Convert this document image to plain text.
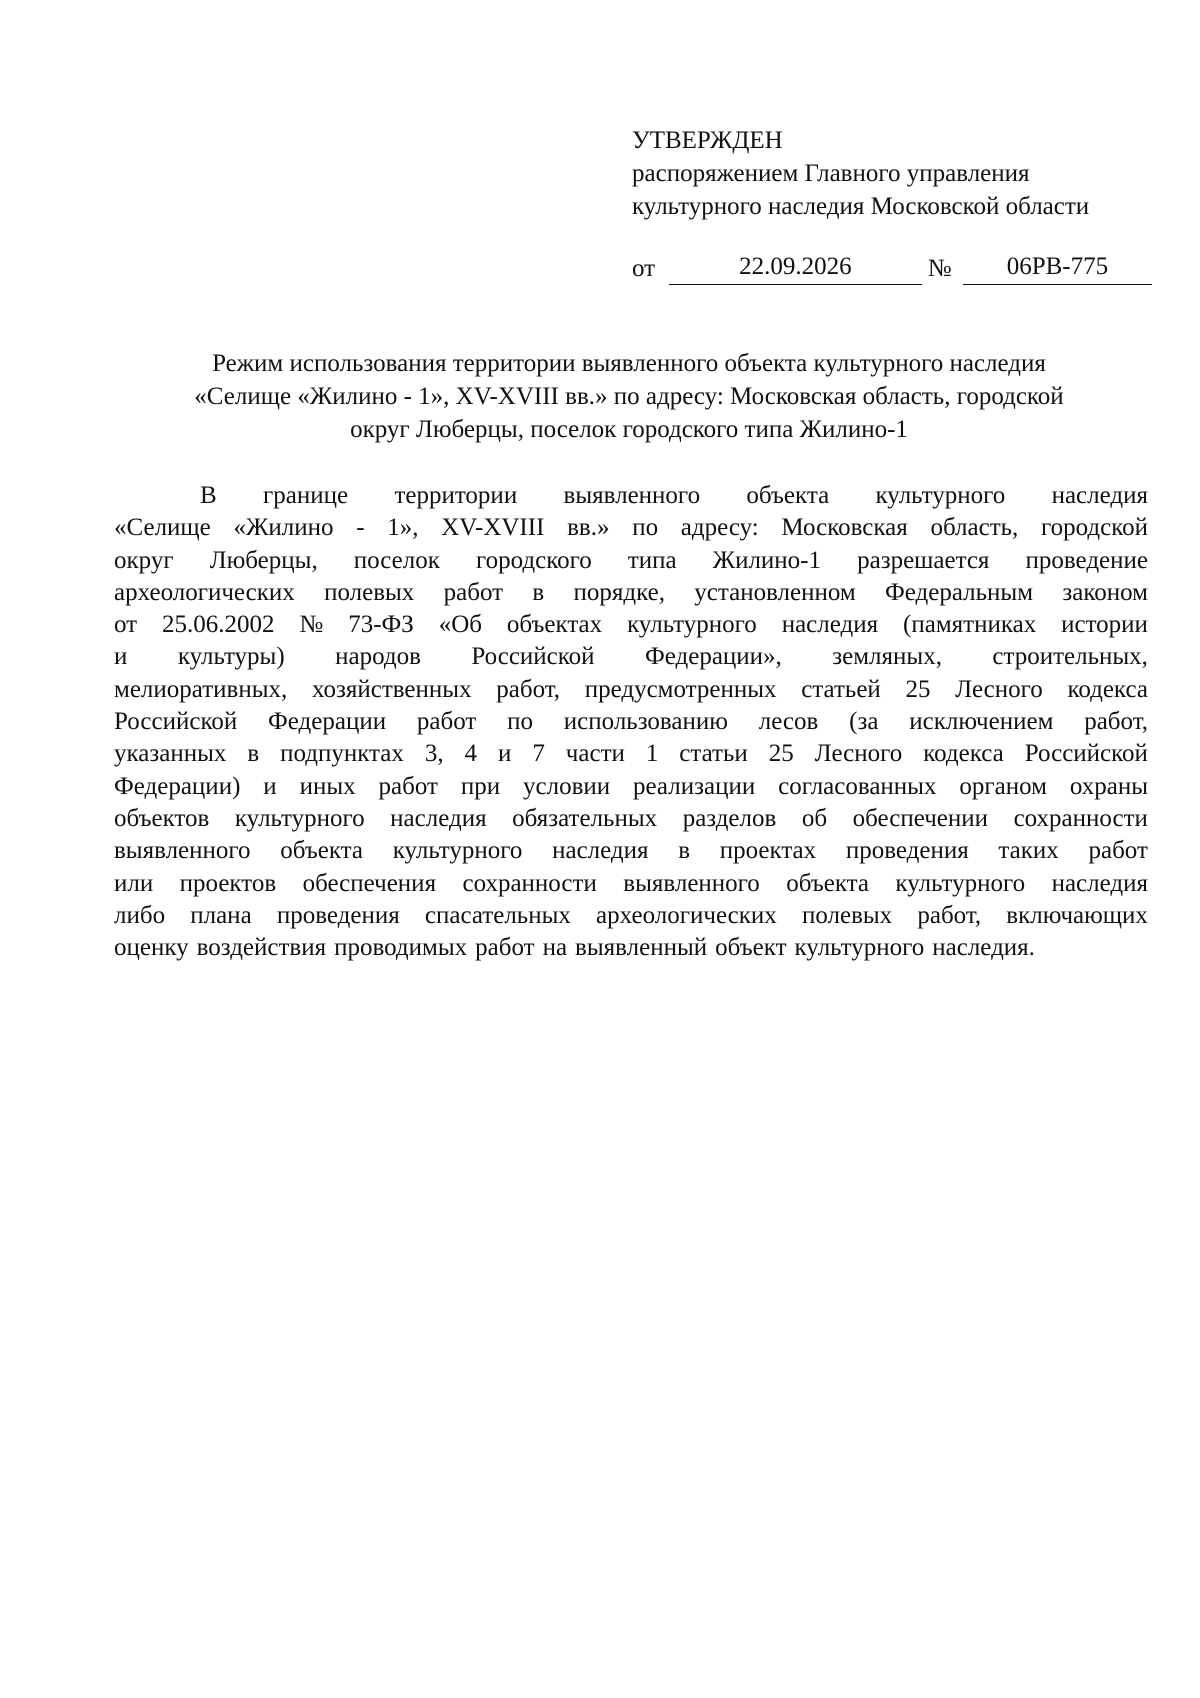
УТВЕРЖДЕН
распоряжением Главного управления
культурного наследия Московской области
от	22.09.2026	№	06РВ-775
Режим использования территории выявленного объекта культурного наследия
«Селище «Жилино - 1», XV-XVIII вв.» по адресу: Московская область, городской
округ Люберцы, поселок городского типа Жилино-1
В границе территории выявленного объекта культурного наследия
«Селище «Жилино - 1», XV-XVIII вв.» по адресу: Московская область, городской
округ Люберцы, поселок городского типа Жилино-1 разрешается проведение
археологических полевых работ в порядке, установленном Федеральным законом
от 25.06.2002 № 73-ФЗ «Об объектах культурного наследия (памятниках истории
и культуры) народов Российской Федерации», земляных, строительных,
мелиоративных, хозяйственных работ, предусмотренных статьей 25 Лесного кодекса
Российской Федерации работ по использованию лесов (за исключением работ,
указанных в подпунктах 3, 4 и 7 части 1 статьи 25 Лесного кодекса Российской
Федерации) и иных работ при условии реализации согласованных органом охраны
объектов культурного наследия обязательных разделов об обеспечении сохранности
выявленного объекта культурного наследия в проектах проведения таких работ
или проектов обеспечения сохранности выявленного объекта культурного наследия
либо плана проведения спасательных археологических полевых работ, включающих
оценку воздействия проводимых работ на выявленный объект культурного наследия.
